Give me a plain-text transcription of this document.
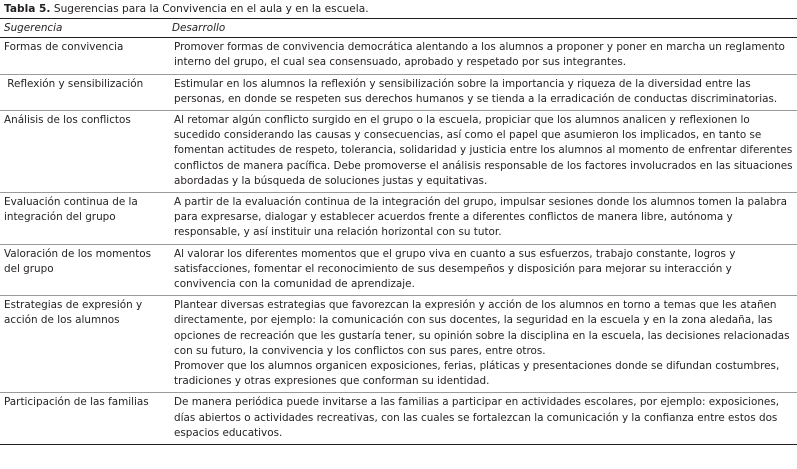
Tabla 5. Sugerencias para la Convivencia en el aula y en la escuela.
Sugerencia	Desarrollo
Formas de convivencia	Promover formas de convivencia democrática alentando a los alumnos a proponer y poner en marcha un reglamento interno del grupo, el cual sea consensuado, aprobado y respetado por sus integrantes.

Reflexión y sensibilización	Estimular en los alumnos la reflexión y sensibilización sobre la importancia y riqueza de la diversidad entre las personas, en donde se respeten sus derechos humanos y se tienda a la erradicación de conductas discriminatorias.

Análisis de los conflictos	Al retomar algún conflicto surgido en el grupo o la escuela, propiciar que los alumnos analicen y reflexionen lo sucedido considerando las causas y consecuencias, así como el papel que asumieron los implicados, en tanto se fomentan actitudes de respeto, tolerancia, solidaridad y justicia entre los alumnos al momento de enfrentar diferentes conflictos de manera pacífica. Debe promoverse el análisis responsable de los factores involucrados en las situaciones abordadas y la búsqueda de soluciones justas y equitativas.

Evaluación continua de la integración del grupo	A partir de la evaluación continua de la integración del grupo, impulsar sesiones donde los alumnos tomen la palabra para expresarse, dialogar y establecer acuerdos frente a diferentes conflictos de manera libre, autónoma y responsable, y así instituir una relación horizontal con su tutor.

Valoración de los momentos del grupo	Al valorar los diferentes momentos que el grupo viva en cuanto a sus esfuerzos, trabajo constante, logros y satisfacciones, fomentar el reconocimiento de sus desempeños y disposición para mejorar su interacción y convivencia con la comunidad de aprendizaje.

Estrategias de expresión y acción de los alumnos	Plantear diversas estrategias que favorezcan la expresión y acción de los alumnos en torno a temas que les atañen directamente, por ejemplo: la comunicación con sus docentes, la seguridad en la escuela y en la zona aledaña, las opciones de recreación que les gustaría tener, su opinión sobre la disciplina en la escuela, las decisiones relacionadas con su futuro, la convivencia y los conflictos con sus pares, entre otros.
Promover que los alumnos organicen exposiciones, ferias, pláticas y presentaciones donde se difundan costumbres, tradiciones y otras expresiones que conforman su identidad.

Participación de las familias	De manera periódica puede invitarse a las familias a participar en actividades escolares, por ejemplo: exposiciones, días abiertos o actividades recreativas, con las cuales se fortalezcan la comunicación y la confianza entre estos dos espacios educativos.
